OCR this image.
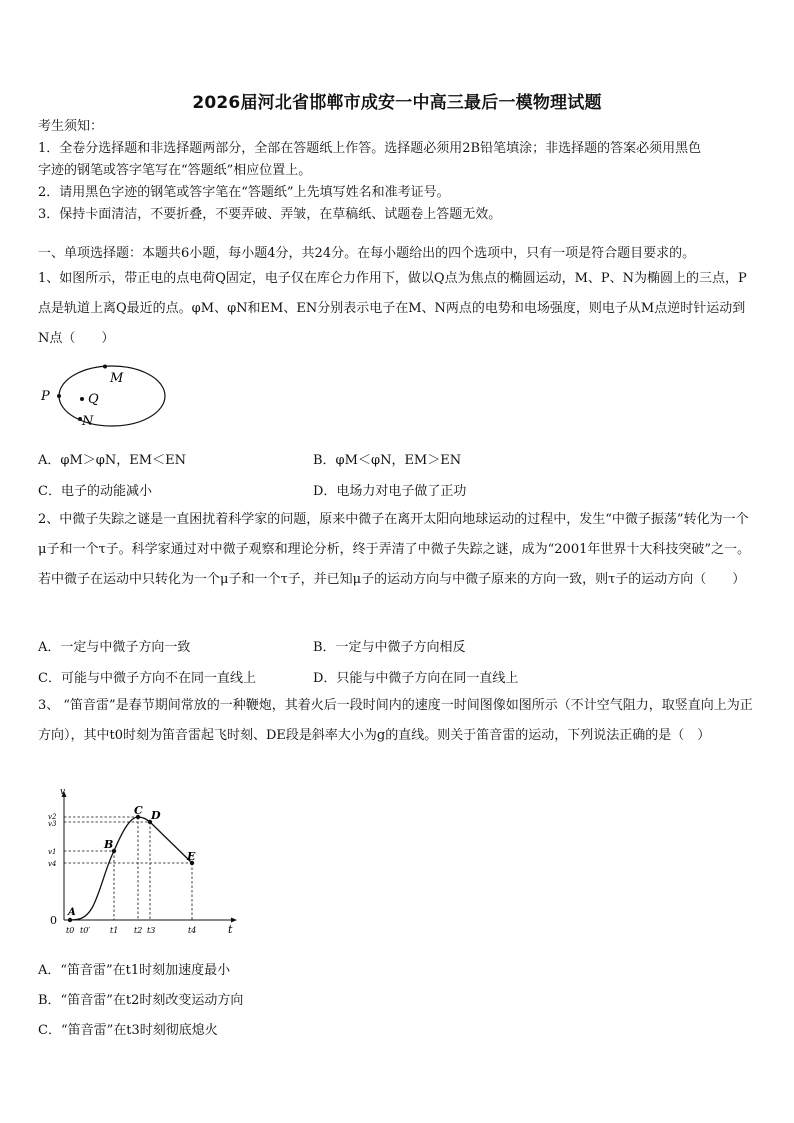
2026届河北省邯郸市成安一中高三最后一模物理试题
考生须知：
1．全卷分选择题和非选择题两部分，全部在答题纸上作答。选择题必须用2B铅笔填涂；非选择题的答案必须用黑色
字迹的钢笔或答字笔写在“答题纸”相应位置上。
2．请用黑色字迹的钢笔或答字笔在“答题纸”上先填写姓名和准考证号。
3．保持卡面清洁，不要折叠，不要弄破、弄皱，在草稿纸、试题卷上答题无效。
一、单项选择题：本题共6小题，每小题4分，共24分。在每小题给出的四个选项中，只有一项是符合题目要求的。
1、如图所示，带正电的点电荷Q固定，电子仅在库仑力作用下，做以Q点为焦点的椭圆运动，M、P、N为椭圆上的三点，P点是轨道上离Q最近的点。φM、φN和EM、EN分别表示电子在M、N两点的电势和电场强度，则电子从M点逆时针运动到N点（　　）
P	Q
M
N
A．φM＞φN，EM＜EN	B．φM＜φN，EM＞EN
C．电子的动能减小	D．电场力对电子做了正功
2、中微子失踪之谜是一直困扰着科学家的问题，原来中微子在离开太阳向地球运动的过程中，发生“中微子振荡”转化为一个μ子和一个τ子。科学家通过对中微子观察和理论分析，终于弄清了中微子失踪之谜，成为“2001年世界十大科技突破”之一。若中微子在运动中只转化为一个μ子和一个τ子，并已知μ子的运动方向与中微子原来的方向一致，则τ子的运动方向（　　）
A．一定与中微子方向一致	B．一定与中微子方向相反
C．可能与中微子方向不在同一直线上	D．只能与中微子方向在同一直线上
3、 “笛音雷”是春节期间常放的一种鞭炮，其着火后一段时间内的速度一时间图像如图所示（不计空气阻力，取竖直向上为正方向），其中t0时刻为笛音雷起飞时刻、DE段是斜率大小为g的直线。则关于笛音雷的运动，下列说法正确的是（　）
A
B
C D
E
v
t
0
v2
v3
v1
v4
t0 t0′ t1 t2 t3	t4
A．“笛音雷”在t1时刻加速度最小
B．“笛音雷”在t2时刻改变运动方向
C．“笛音雷”在t3时刻彻底熄火
